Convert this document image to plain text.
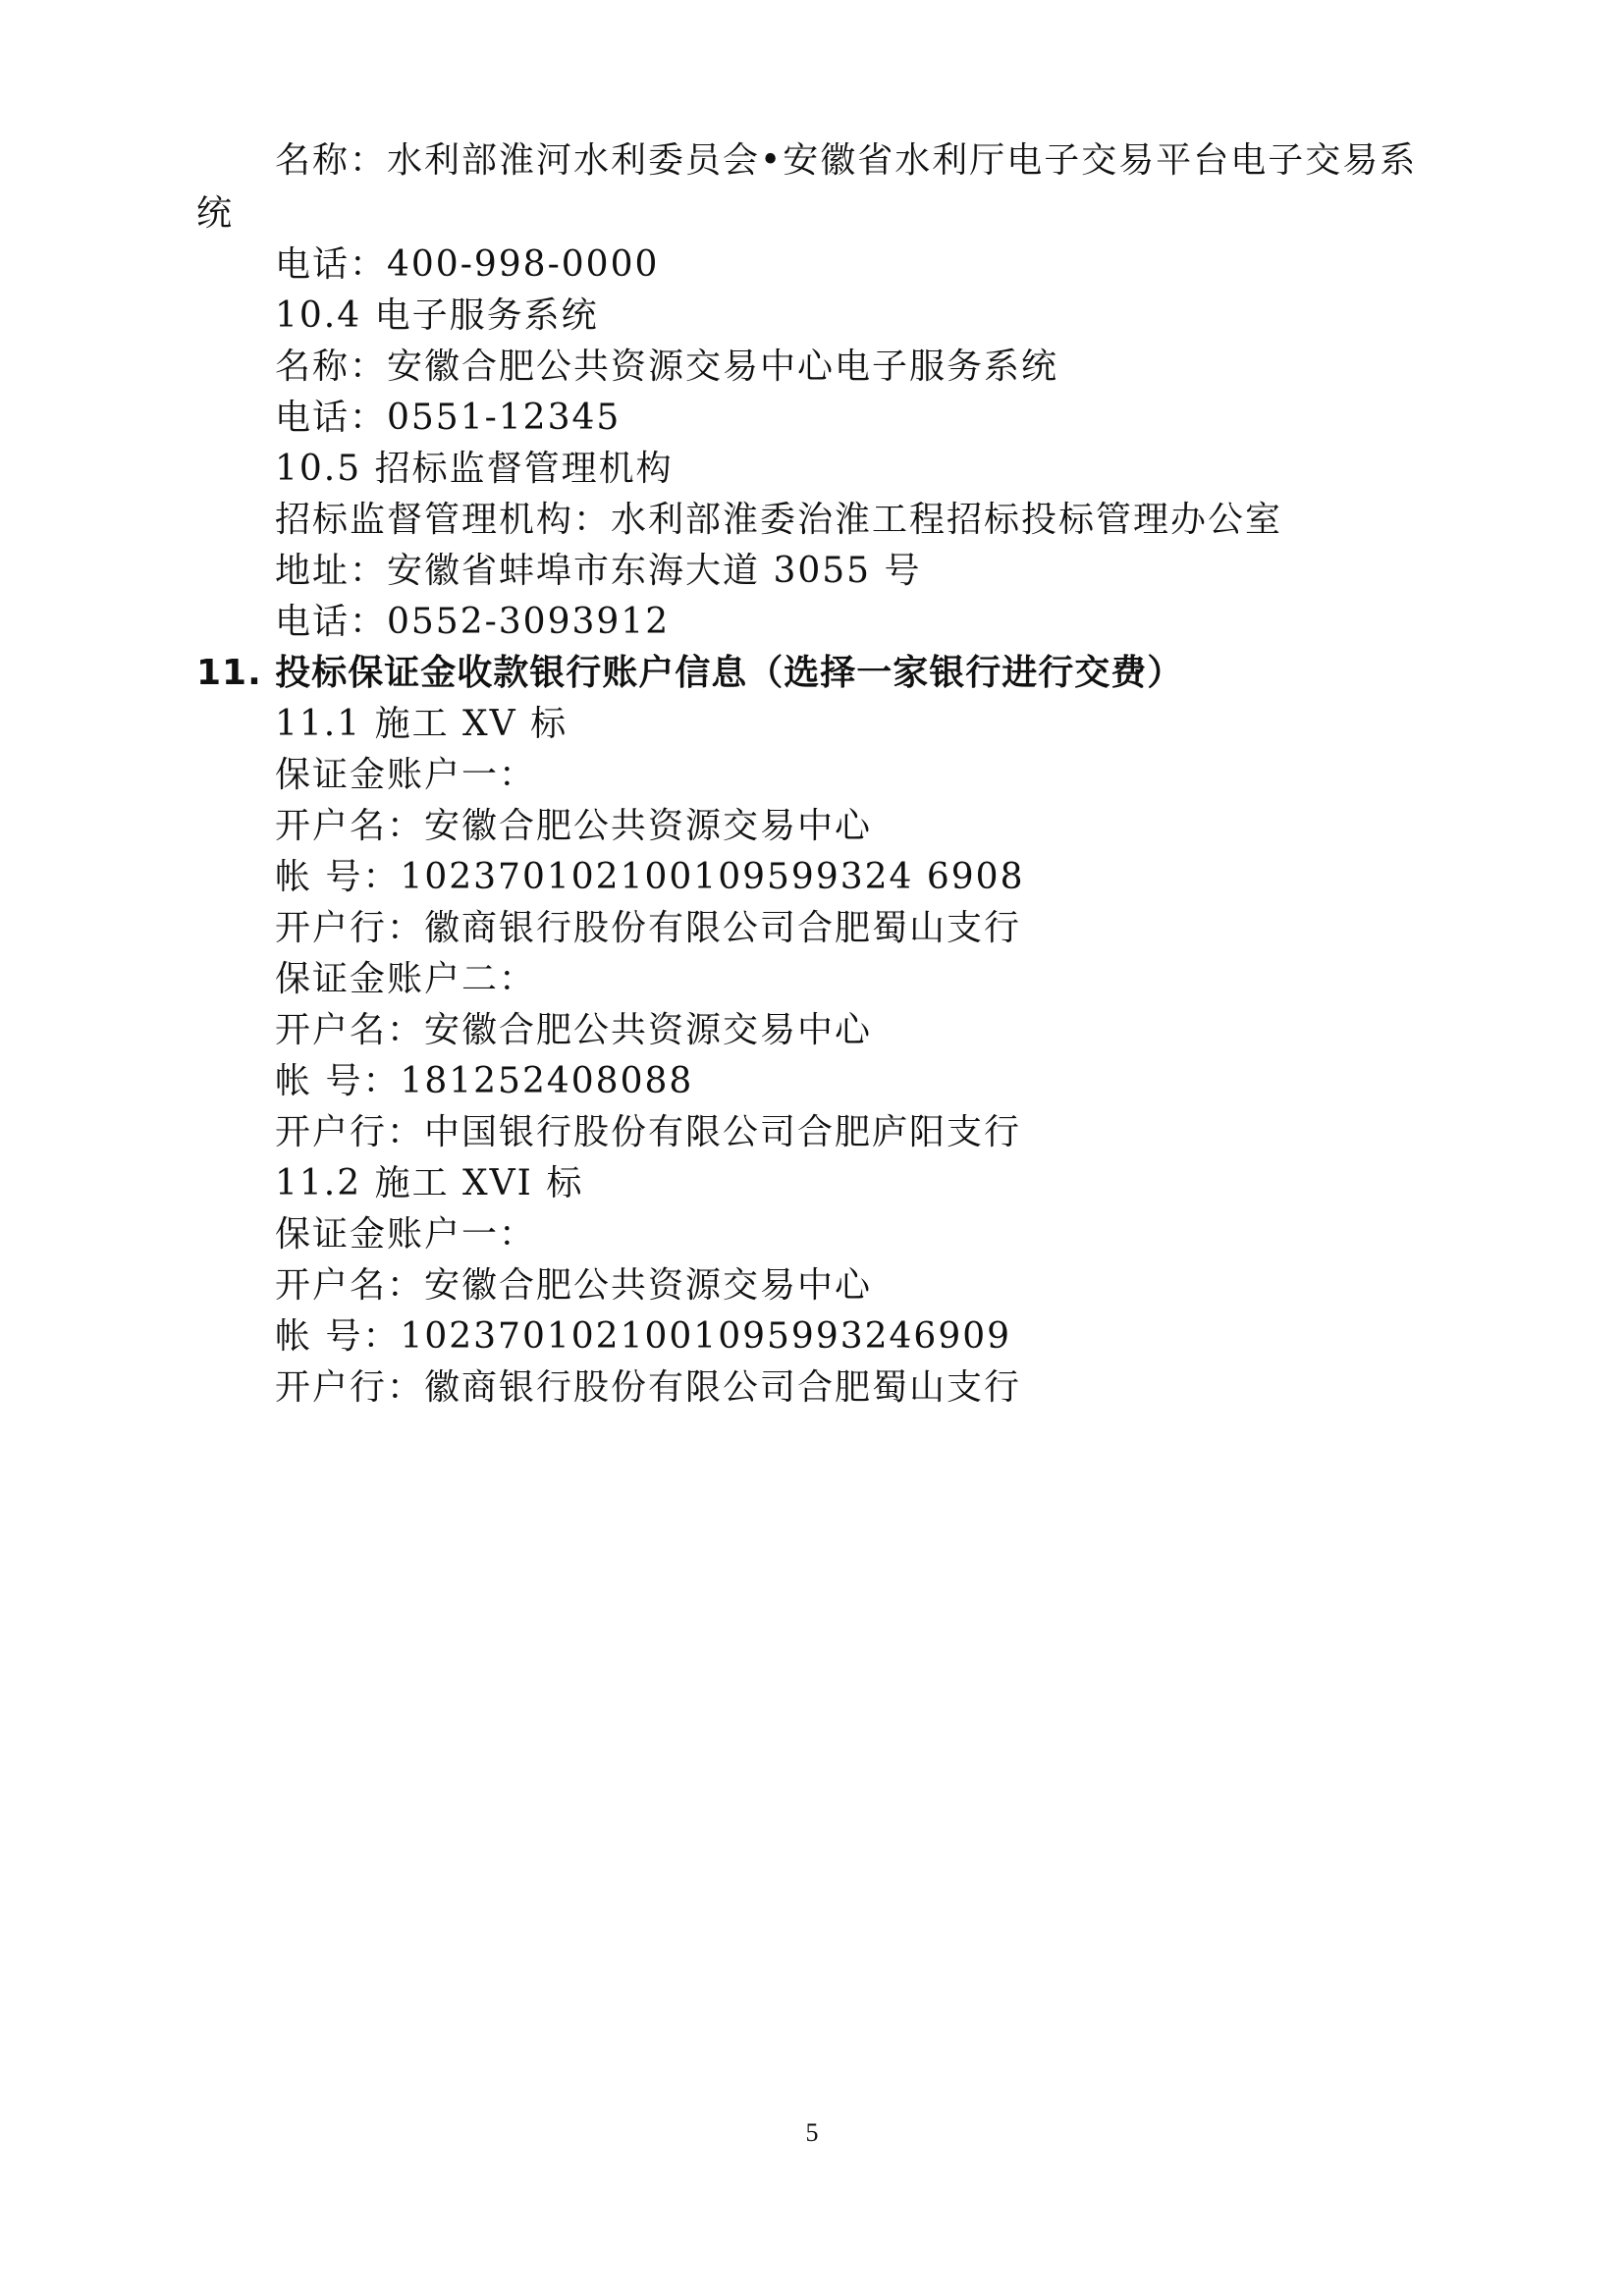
名称：水利部淮河水利委员会•安徽省水利厅电子交易平台电子交易系
统
电话：400-998-0000
10.4 电子服务系统
名称：安徽合肥公共资源交易中心电子服务系统
电话：0551-12345
10.5 招标监督管理机构
招标监督管理机构：水利部淮委治淮工程招标投标管理办公室
地址：安徽省蚌埠市东海大道 3055 号
电话：0552-3093912
11. 投标保证金收款银行账户信息（选择一家银行进行交费）
11.1 施工 XV 标
保证金账户一：
开户名：安徽合肥公共资源交易中心
帐 号：102370102100109599324 6908
开户行：徽商银行股份有限公司合肥蜀山支行
保证金账户二：
开户名：安徽合肥公共资源交易中心
帐 号：181252408088
开户行：中国银行股份有限公司合肥庐阳支行
11.2 施工 XVI 标
保证金账户一：
开户名：安徽合肥公共资源交易中心
帐 号：1023701021001095993246909
开户行：徽商银行股份有限公司合肥蜀山支行
5
